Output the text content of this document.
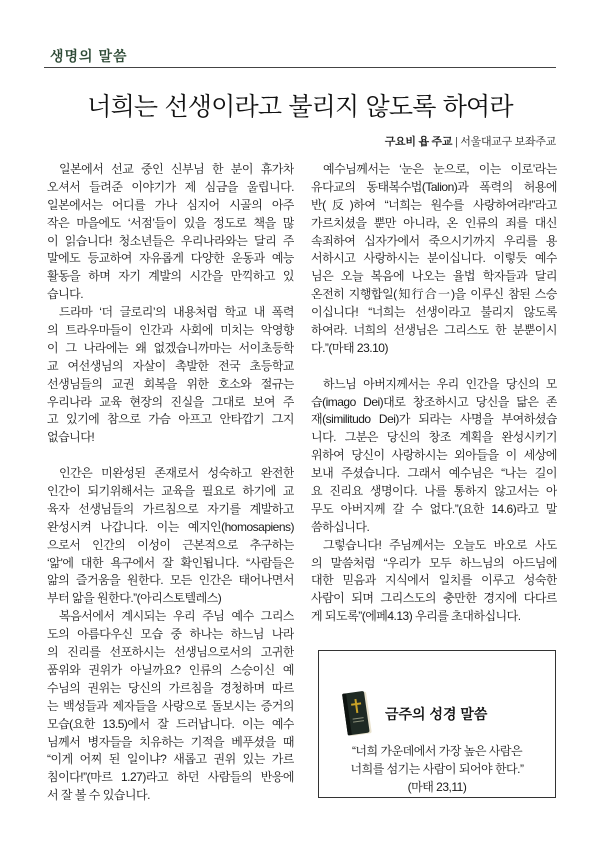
생명의 말씀
너희는 선생이라고 불리지 않도록 하여라
구요비 욥 주교 | 서울대교구 보좌주교
일본에서 선교 중인 신부님 한 분이 휴가차
오셔서 들려준 이야기가 제 심금을 울립니다.
일본에서는 어디를 가나 심지어 시골의 아주
작은 마을에도 ‘서점’들이 있을 정도로 책을 많
이 읽습니다! 청소년들은 우리나라와는 달리 주
말에도 등교하여 자유롭게 다양한 운동과 예능
활동을 하며 자기 계발의 시간을 만끽하고 있
습니다.
드라마 ‘더 글로리’의 내용처럼 학교 내 폭력
의 트라우마들이 인간과 사회에 미치는 악영향
이 그 나라에는 왜 없겠습니까마는 서이초등학
교 여선생님의 자살이 촉발한 전국 초등학교
선생님들의 교권 회복을 위한 호소와 절규는
우리나라 교육 현장의 진실을 그대로 보여 주
고 있기에 참으로 가슴 아프고 안타깝기 그지
없습니다!
인간은 미완성된 존재로서 성숙하고 완전한
인간이 되기위해서는 교육을 필요로 하기에 교
육자 선생님들의 가르침으로 자기를 계발하고
완성시켜 나갑니다. 이는 예지인(homosapiens)
으로서 인간의 이성이 근본적으로 추구하는
‘앎’에 대한 욕구에서 잘 확인됩니다. “사람들은
앎의 즐거움을 원한다. 모든 인간은 태어나면서
부터 앎을 원한다.”(아리스토텔레스)
복음서에서 계시되는 우리 주님 예수 그리스
도의 아름다우신 모습 중 하나는 하느님 나라
의 진리를 선포하시는 선생님으로서의 고귀한
품위와 권위가 아닐까요? 인류의 스승이신 예
수님의 권위는 당신의 가르침을 경청하며 따르
는 백성들과 제자들을 사랑으로 돌보시는 증거의
모습(요한 13.5)에서 잘 드러납니다. 이는 예수
님께서 병자들을 치유하는 기적을 베푸셨을 때
“이게 어찌 된 일이냐? 새롭고 권위 있는 가르
침이다!”(마르 1.27)라고 하던 사람들의 반응에
서 잘 볼 수 있습니다.
예수님께서는 ‘눈은 눈으로, 이는 이로’라는
유다교의 동태복수법(Talion)과 폭력의 허용에
반(反)하여 “너희는 원수를 사랑하여라!”라고
가르치셨을 뿐만 아니라, 온 인류의 죄를 대신
속죄하여 십자가에서 죽으시기까지 우리를 용
서하시고 사랑하시는 분이십니다. 이렇듯 예수
님은 오늘 복음에 나오는 율법 학자들과 달리
온전히 지행합일(知行合一)을 이루신 참된 스승
이십니다! “너희는 선생이라고 불리지 않도록
하여라. 너희의 선생님은 그리스도 한 분뿐이시
다.”(마태 23.10)
하느님 아버지께서는 우리 인간을 당신의 모
습(imago Dei)대로 창조하시고 당신을 닮은 존
재(similitudo Dei)가 되라는 사명을 부여하셨습
니다. 그분은 당신의 창조 계획을 완성시키기
위하여 당신이 사랑하시는 외아들을 이 세상에
보내 주셨습니다. 그래서 예수님은 “나는 길이
요 진리요 생명이다. 나를 통하지 않고서는 아
무도 아버지께 갈 수 없다.”(요한 14.6)라고 말
씀하십니다.
그렇습니다! 주님께서는 오늘도 바오로 사도
의 말씀처럼 “우리가 모두 하느님의 아드님에
대한 믿음과 지식에서 일치를 이루고 성숙한
사람이 되며 그리스도의 충만한 경지에 다다르
게 되도록”(에페4.13) 우리를 초대하십니다.
금주의 성경 말씀
“너희 가운데에서 가장 높은 사람은
너희를 섬기는 사람이 되어야 한다.”
(마태 23,11)
